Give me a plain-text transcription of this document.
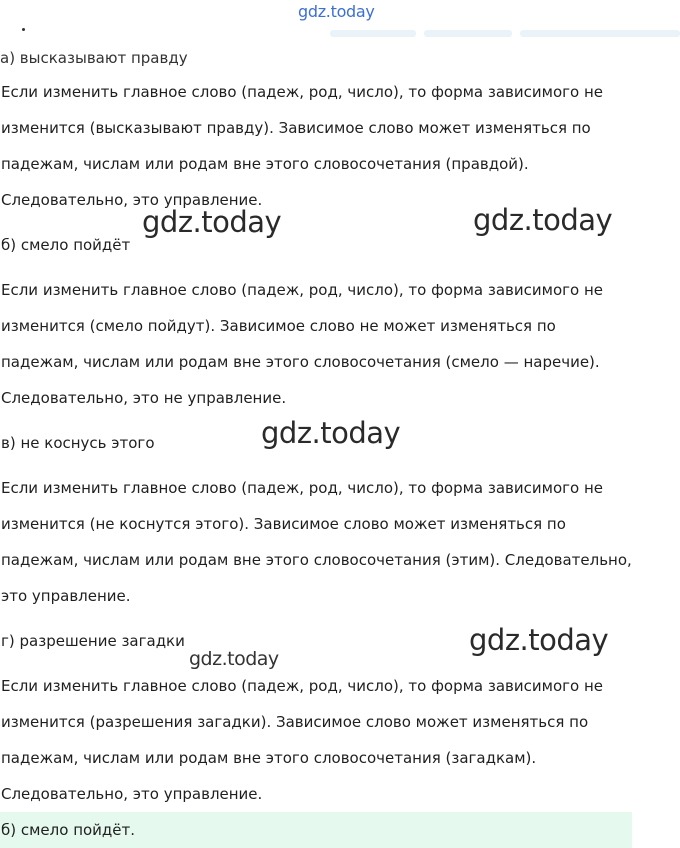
gdz.today
а) высказывают правду
Если изменить главное слово (падеж, род, число), то форма зависимого не
изменится (высказывают правду). Зависимое слово может изменяться по
падежам, числам или родам вне этого словосочетания (правдой).
Следовательно, это управление.
б) смело пойдёт
Если изменить главное слово (падеж, род, число), то форма зависимого не
изменится (смело пойдут). Зависимое слово не может изменяться по
падежам, числам или родам вне этого словосочетания (смело — наречие).
Следовательно, это не управление.
в) не коснусь этого
Если изменить главное слово (падеж, род, число), то форма зависимого не
изменится (не коснутся этого). Зависимое слово может изменяться по
падежам, числам или родам вне этого словосочетания (этим). Следовательно,
это управление.
г) разрешение загадки
Если изменить главное слово (падеж, род, число), то форма зависимого не
изменится (разрешения загадки). Зависимое слово может изменяться по
падежам, числам или родам вне этого словосочетания (загадкам).
Следовательно, это управление.
б) смело пойдёт.
gdz.today	gdz.today
gdz.today
gdz.today
gdz.today
